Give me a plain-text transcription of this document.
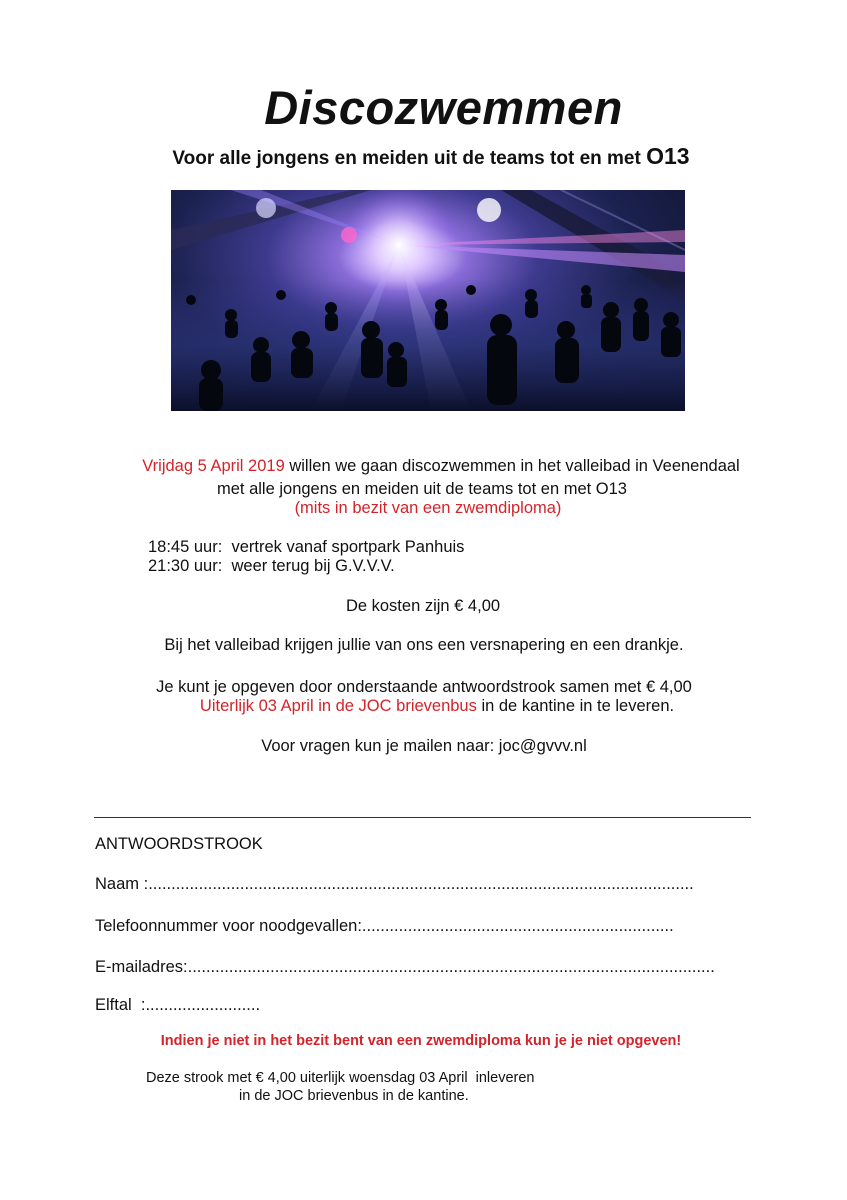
Discozwemmen
Voor alle jongens en meiden uit de teams tot en met O13
Vrijdag 5 April 2019 willen we gaan discozwemmen in het valleibad in Veenendaal
met alle jongens en meiden uit de teams tot en met O13
(mits in bezit van een zwemdiploma)
18:45 uur: vertrek vanaf sportpark Panhuis
21:30 uur: weer terug bij G.V.V.V.
De kosten zijn € 4,00
Bij het valleibad krijgen jullie van ons een versnapering en een drankje.
Je kunt je opgeven door onderstaande antwoordstrook samen met € 4,00
Uiterlijk 03 April in de JOC brievenbus in de kantine in te leveren.
Voor vragen kun je mailen naar: joc@gvvv.nl
ANTWOORDSTROOK
Naam :.......................................................................................................................
Telefoonnummer voor noodgevallen:....................................................................
E-mailadres:...................................................................................................................
Elftal  :.........................
Indien je niet in het bezit bent van een zwemdiploma kun je je niet opgeven!
Deze strook met € 4,00 uiterlijk woensdag 03 April  inleveren
in de JOC brievenbus in de kantine.
